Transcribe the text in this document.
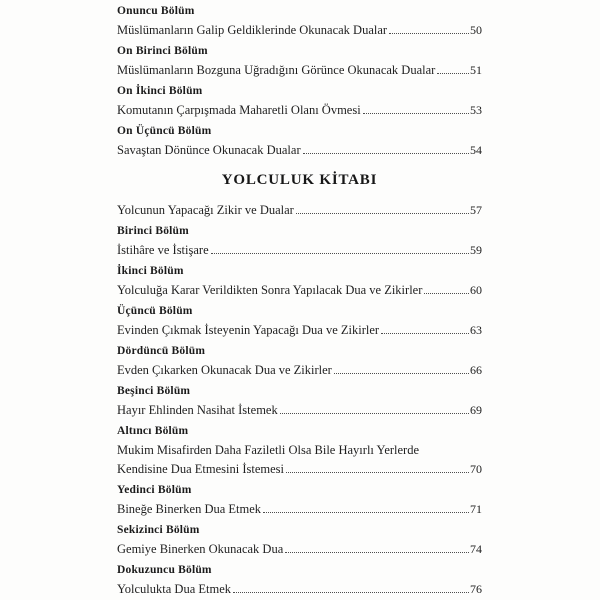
Onuncu Bölüm
Müslümanların Galip Geldiklerinde Okunacak Dualar	50
On Birinci Bölüm
Müslümanların Bozguna Uğradığını Görünce Okunacak Dualar	51
On İkinci Bölüm
Komutanın Çarpışmada Maharetli Olanı Övmesi	53
On Üçüncü Bölüm
Savaştan Dönünce Okunacak Dualar	54
YOLCULUK KİTABI
Yolcunun Yapacağı Zikir ve Dualar	57
Birinci Bölüm
İstihâre ve İstişare	59
İkinci Bölüm
Yolculuğa Karar Verildikten Sonra Yapılacak Dua ve Zikirler	60
Üçüncü Bölüm
Evinden Çıkmak İsteyenin Yapacağı Dua ve Zikirler	63
Dördüncü Bölüm
Evden Çıkarken Okunacak Dua ve Zikirler	66
Beşinci Bölüm
Hayır Ehlinden Nasihat İstemek	69
Altıncı Bölüm
Mukim Misafirden Daha Faziletli Olsa Bile Hayırlı Yerlerde
Kendisine Dua Etmesini İstemesi	70
Yedinci Bölüm
Bineğe Binerken Dua Etmek	71
Sekizinci Bölüm
Gemiye Binerken Okunacak Dua	74
Dokuzuncu Bölüm
Yolculukta Dua Etmek	76
